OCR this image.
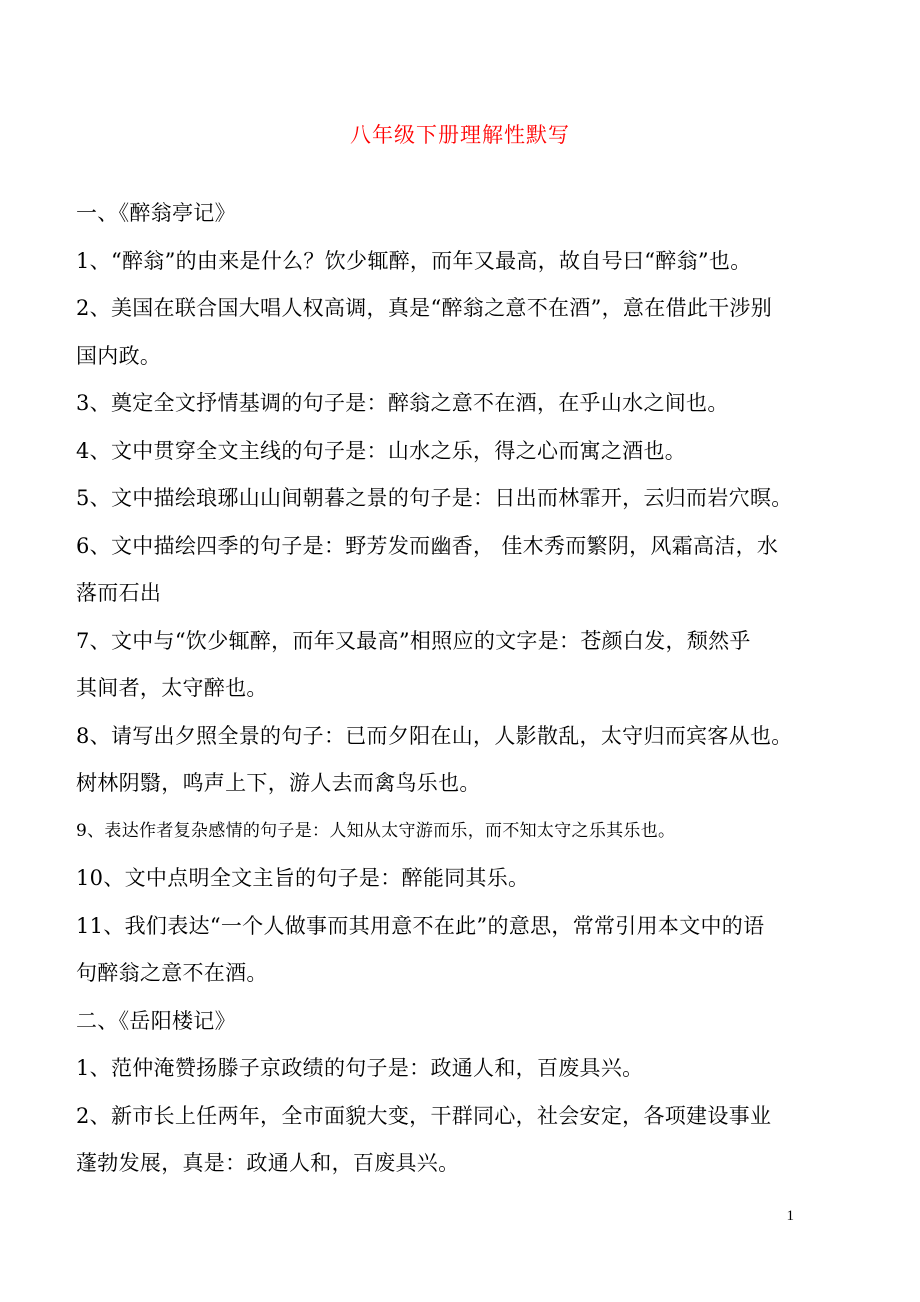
八年级下册理解性默写
一、《醉翁亭记》
1、“醉翁”的由来是什么？饮少辄醉，而年又最高，故自号曰“醉翁”也。
2、美国在联合国大唱人权高调，真是“醉翁之意不在酒”，意在借此干涉别
国内政。
3、奠定全文抒情基调的句子是：醉翁之意不在酒，在乎山水之间也。
4、文中贯穿全文主线的句子是：山水之乐，得之心而寓之酒也。
5、文中描绘琅琊山山间朝暮之景的句子是：日出而林霏开，云归而岩穴暝。
6、文中描绘四季的句子是：野芳发而幽香， 佳木秀而繁阴，风霜高洁，水
落而石出
7、文中与“饮少辄醉，而年又最高”相照应的文字是：苍颜白发，颓然乎
其间者，太守醉也。
8、请写出夕照全景的句子：已而夕阳在山，人影散乱，太守归而宾客从也。
树林阴翳，鸣声上下，游人去而禽鸟乐也。
9、表达作者复杂感情的句子是：人知从太守游而乐，而不知太守之乐其乐也。
10、文中点明全文主旨的句子是：醉能同其乐。
11、我们表达“一个人做事而其用意不在此”的意思，常常引用本文中的语
句醉翁之意不在酒。
二、《岳阳楼记》
1、范仲淹赞扬滕子京政绩的句子是：政通人和，百废具兴。
2、新市长上任两年，全市面貌大变，干群同心，社会安定，各项建设事业
蓬勃发展，真是：政通人和，百废具兴。
1
